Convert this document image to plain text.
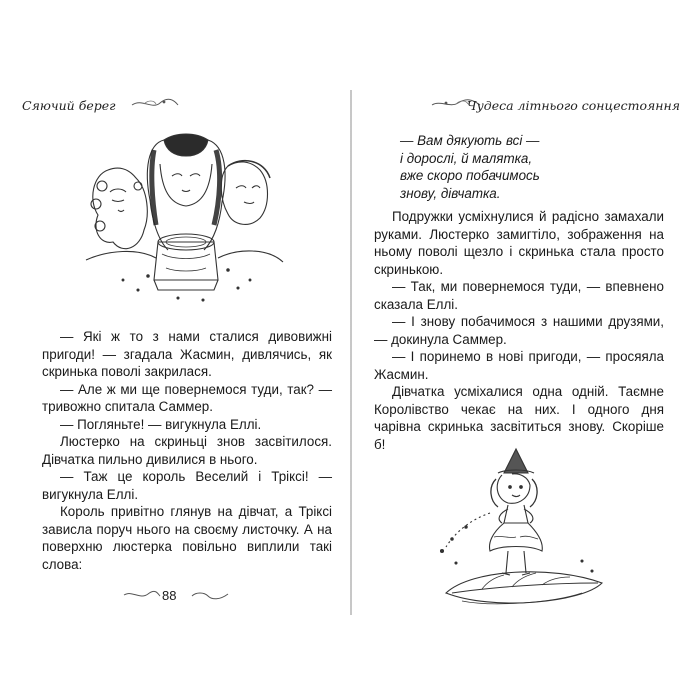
Сяючий берег

— Які ж то з нами сталися дивовижні пригоди! — згадала Жасмин, дивлячись, як скринька поволі закрилася.

— Але ж ми ще повернемося туди, так? — тривожно спитала Саммер.

— Погляньте! — вигукнула Еллі.

Люстерко на скриньці знов засвітилося. Дівчатка пильно дивилися в нього.

— Таж це король Веселий і Тріксі! — вигукнула Еллі.

Король привітно глянув на дівчат, а Тріксі зависла поруч нього на своєму листочку. А на поверхню люстерка повільно виплили такі слова:

88
Чудеса літнього сонцестояння
— Вам дякують всі —
і дорослі, й малятка,
вже скоро побачимось
знову, дівчатка.

Подружки усміхнулися й радісно замахали руками. Люстерко замигтіло, зображення на ньому поволі щезло і скринька стала просто скринькою.

— Так, ми повернемося туди, — впевнено сказала Еллі.

— І знову побачимося з нашими друзями, — докинула Саммер.

— І поринемо в нові пригоди, — просяяла Жасмин.

Дівчатка усміхалися одна одній. Таємне Королівство чекає на них. І одного дня чарівна скринька засвітиться знову. Скоріше б!
